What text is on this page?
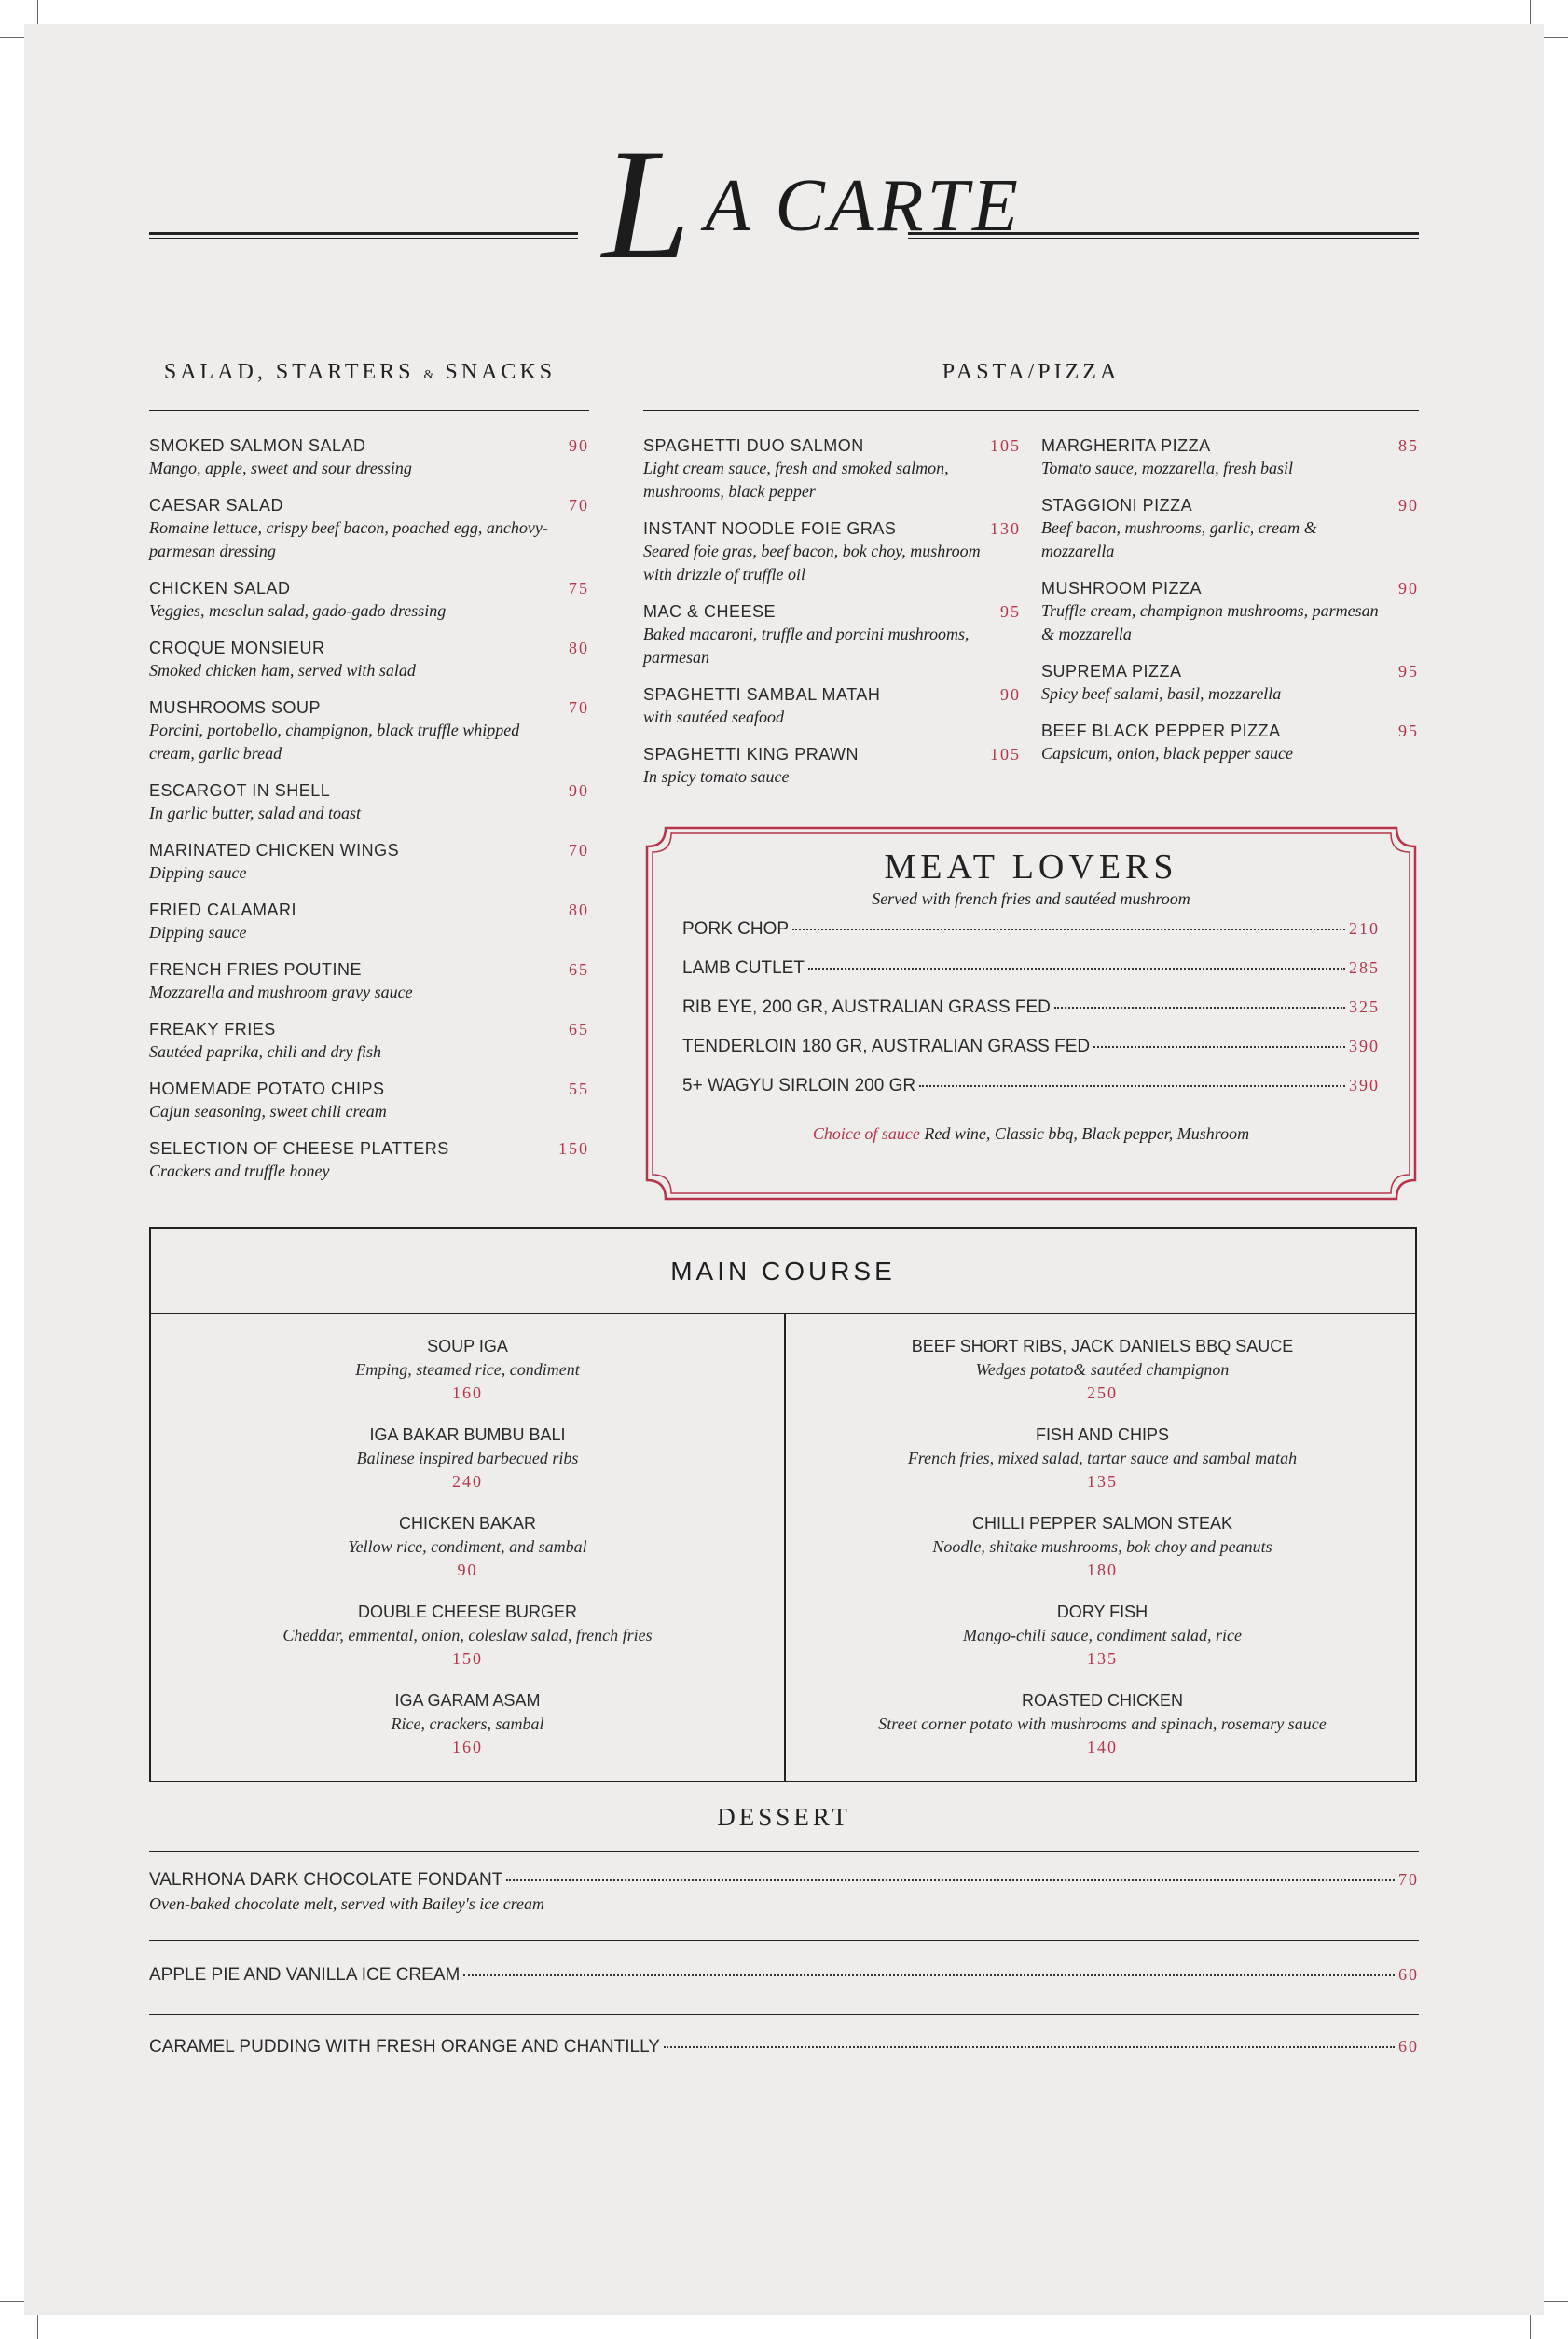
L A CARTE
SALAD, STARTERS & SNACKS	PASTA/PIZZA
SMOKED SALMON SALAD	90
Mango, apple, sweet and sour dressing
CAESAR SALAD	70
Romaine lettuce, crispy beef bacon, poached egg, anchovy-parmesan dressing
CHICKEN SALAD	75
Veggies, mesclun salad, gado-gado dressing
CROQUE MONSIEUR	80
Smoked chicken ham, served with salad
MUSHROOMS SOUP	70
Porcini, portobello, champignon, black truffle whipped cream, garlic bread
ESCARGOT IN SHELL	90
In garlic butter, salad and toast
MARINATED CHICKEN WINGS	70
Dipping sauce
FRIED CALAMARI	80
Dipping sauce
FRENCH FRIES POUTINE	65
Mozzarella and mushroom gravy sauce
FREAKY FRIES	65
Sautéed paprika, chili and dry fish
HOMEMADE POTATO CHIPS	55
Cajun seasoning, sweet chili cream
SELECTION OF CHEESE PLATTERS	150
Crackers and truffle honey
SPAGHETTI DUO SALMON	105
Light cream sauce, fresh and smoked salmon, mushrooms, black pepper
INSTANT NOODLE FOIE GRAS	130
Seared foie gras, beef bacon, bok choy, mushroom with drizzle of truffle oil
MAC & CHEESE	95
Baked macaroni, truffle and porcini mushrooms, parmesan
SPAGHETTI SAMBAL MATAH	90
with sautéed seafood
SPAGHETTI KING PRAWN	105
In spicy tomato sauce
MARGHERITA PIZZA	85
Tomato sauce, mozzarella, fresh basil
STAGGIONI PIZZA	90
Beef bacon, mushrooms, garlic, cream & mozzarella
MUSHROOM PIZZA	90
Truffle cream, champignon mushrooms, parmesan & mozzarella
SUPREMA PIZZA	95
Spicy beef salami, basil, mozzarella
BEEF BLACK PEPPER PIZZA	95
Capsicum, onion, black pepper sauce
MEAT LOVERS
Served with french fries and sautéed mushroom
PORK CHOP	210
LAMB CUTLET	285
RIB EYE, 200 GR, AUSTRALIAN GRASS FED	325
TENDERLOIN 180 GR, AUSTRALIAN GRASS FED	390
5+ WAGYU SIRLOIN 200 GR	390
Choice of sauce Red wine, Classic bbq, Black pepper, Mushroom
MAIN COURSE
SOUP IGA
Emping, steamed rice, condiment
160
IGA BAKAR BUMBU BALI
Balinese inspired barbecued ribs
240
CHICKEN BAKAR
Yellow rice, condiment, and sambal
90
DOUBLE CHEESE BURGER
Cheddar, emmental, onion, coleslaw salad, french fries
150
IGA GARAM ASAM
Rice, crackers, sambal
160
BEEF SHORT RIBS, JACK DANIELS BBQ SAUCE
Wedges potato& sautéed champignon
250
FISH AND CHIPS
French fries, mixed salad, tartar sauce and sambal matah
135
CHILLI PEPPER SALMON STEAK
Noodle, shitake mushrooms, bok choy and peanuts
180
DORY FISH
Mango-chili sauce, condiment salad, rice
135
ROASTED CHICKEN
Street corner potato with mushrooms and spinach, rosemary sauce
140
DESSERT
VALRHONA DARK CHOCOLATE FONDANT	70
Oven-baked chocolate melt, served with Bailey's ice cream
APPLE PIE AND VANILLA ICE CREAM	60
CARAMEL PUDDING WITH FRESH ORANGE AND CHANTILLY	60
